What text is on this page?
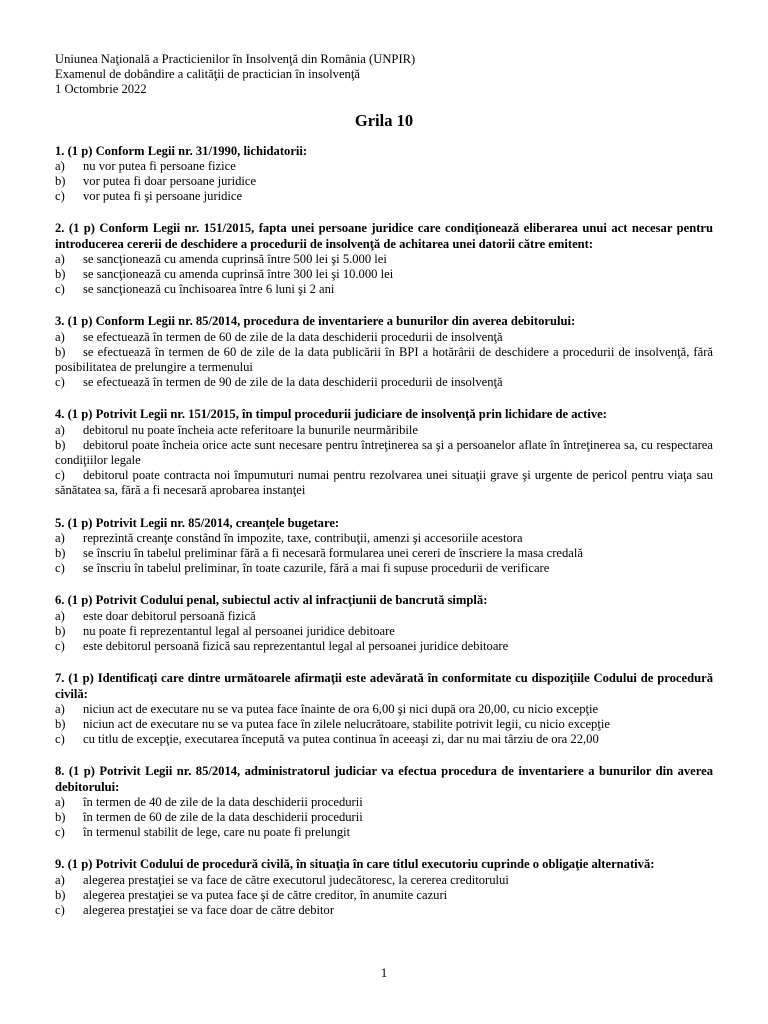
Uniunea Naţională a Practicienilor în Insolvenţă din România (UNPIR)
Examenul de dobândire a calităţii de practician în insolvenţă
1 Octombrie 2022
Grila 10
1. (1 p) Conform Legii nr. 31/1990, lichidatorii:
a)	nu vor putea fi persoane fizice
b)	vor putea fi doar persoane juridice
c)	vor putea fi şi persoane juridice
2. (1 p) Conform Legii nr. 151/2015, fapta unei persoane juridice care condiţionează eliberarea unui act necesar pentru introducerea cererii de deschidere a procedurii de insolvenţă de achitarea unei datorii către emitent:
a)	se sancţionează cu amenda cuprinsă între 500 lei şi 5.000 lei
b)	se sancţionează cu amenda cuprinsă între 300 lei şi 10.000 lei
c)	se sancţionează cu închisoarea între 6 luni şi 2 ani
3. (1 p) Conform Legii nr. 85/2014, procedura de inventariere a bunurilor din averea debitorului:
a)	se efectuează în termen de 60 de zile de la data deschiderii procedurii de insolvenţă
b) se efectuează în termen de 60 de zile de la data publicării în BPI a hotărârii de deschidere a procedurii de insolvenţă, fără posibilitatea de prelungire a termenului
c)	se efectuează în termen de 90 de zile de la data deschiderii procedurii de insolvenţă
4. (1 p) Potrivit Legii nr. 151/2015, în timpul procedurii judiciare de insolvenţă prin lichidare de active:
a)	debitorul nu poate încheia acte referitoare la bunurile neurmăribile
b) debitorul poate încheia orice acte sunt necesare pentru întreţinerea sa şi a persoanelor aflate în întreţinerea sa, cu respectarea condiţiilor legale
c) debitorul poate contracta noi împumuturi numai pentru rezolvarea unei situaţii grave şi urgente de pericol pentru viaţa sau sănătatea sa, fără a fi necesară aprobarea instanţei
5. (1 p) Potrivit Legii nr. 85/2014, creanţele bugetare:
a)	reprezintă creanţe constând în impozite, taxe, contribuţii, amenzi şi accesoriile acestora
b) se înscriu în tabelul preliminar fără a fi necesară formularea unei cereri de înscriere la masa credală
c)	se înscriu în tabelul preliminar, în toate cazurile, fără a mai fi supuse procedurii de verificare
6. (1 p) Potrivit Codului penal, subiectul activ al infracţiunii de bancrută simplă:
a)	este doar debitorul persoană fizică
b)	nu poate fi reprezentantul legal al persoanei juridice debitoare
c)	este debitorul persoană fizică sau reprezentantul legal al persoanei juridice debitoare
7. (1 p) Identificaţi care dintre următoarele afirmaţii este adevărată în conformitate cu dispoziţiile Codului de procedură civilă:
a) niciun act de executare nu se va putea face înainte de ora 6,00 şi nici după ora 20,00, cu nicio excepţie
b) niciun act de executare nu se va putea face în zilele nelucrătoare, stabilite potrivit legii, cu nicio excepţie
c) cu titlu de excepţie, executarea începută va putea continua în aceeaşi zi, dar nu mai târziu de ora 22,00
8. (1 p) Potrivit Legii nr. 85/2014, administratorul judiciar va efectua procedura de inventariere a bunurilor din averea debitorului:
a)	în termen de 40 de zile de la data deschiderii procedurii
b)	în termen de 60 de zile de la data deschiderii procedurii
c)	în termenul stabilit de lege, care nu poate fi prelungit
9. (1 p) Potrivit Codului de procedură civilă, în situaţia în care titlul executoriu cuprinde o obligaţie alternativă:
a)	alegerea prestaţiei se va face de către executorul judecătoresc, la cererea creditorului
b)	alegerea prestaţiei se va putea face şi de către creditor, în anumite cazuri
c)	alegerea prestaţiei se va face doar de către debitor
1
